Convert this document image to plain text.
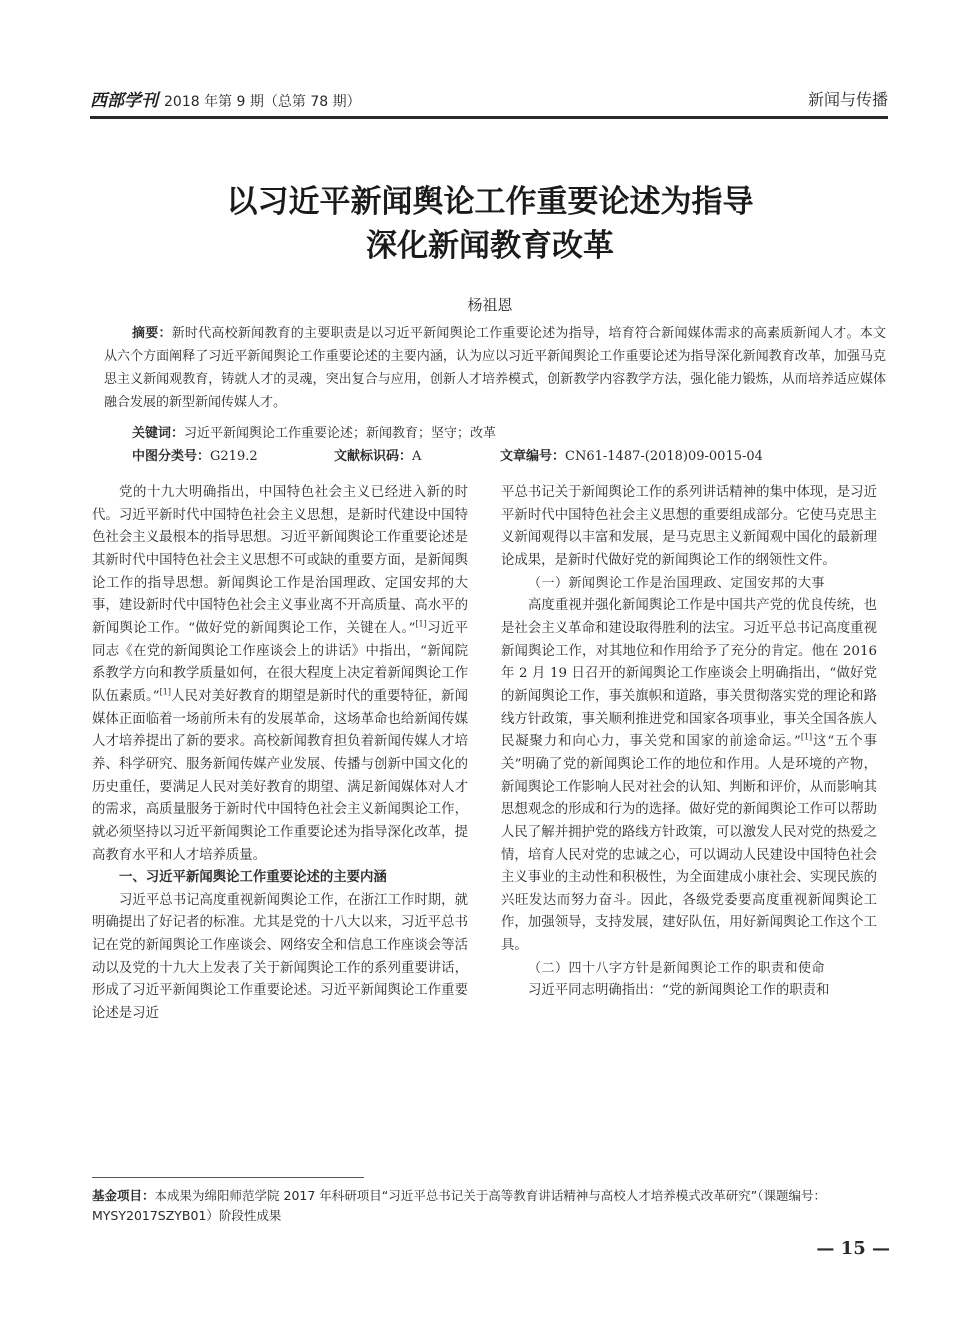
西部学刊 2018 年第 9 期（总第 78 期）	新闻与传播
以习近平新闻舆论工作重要论述为指导
深化新闻教育改革
杨祖恩

摘要：新时代高校新闻教育的主要职责是以习近平新闻舆论工作重要论述为指导，培育符合新闻媒体需求的高素质新闻人才。本文从六个方面阐释了习近平新闻舆论工作重要论述的主要内涵，认为应以习近平新闻舆论工作重要论述为指导深化新闻教育改革，加强马克思主义新闻观教育，铸就人才的灵魂，突出复合与应用，创新人才培养模式，创新教学内容教学方法，强化能力锻炼，从而培养适应媒体融合发展的新型新闻传媒人才。

关键词：习近平新闻舆论工作重要论述；新闻教育；坚守；改革
中图分类号：G219.2	文献标识码：A	文章编号：CN61-1487-(2018)09-0015-04

党的十九大明确指出，中国特色社会主义已经进入新的时代。习近平新时代中国特色社会主义思想，是新时代建设中国特色社会主义最根本的指导思想。习近平新闻舆论工作重要论述是其新时代中国特色社会主义思想不可或缺的重要方面，是新闻舆论工作的指导思想。新闻舆论工作是治国理政、定国安邦的大事，建设新时代中国特色社会主义事业离不开高质量、高水平的新闻舆论工作。“做好党的新闻舆论工作，关键在人。”[1]习近平同志《在党的新闻舆论工作座谈会上的讲话》中指出，“新闻院系教学方向和教学质量如何，在很大程度上决定着新闻舆论工作队伍素质。”[1]人民对美好教育的期望是新时代的重要特征，新闻媒体正面临着一场前所未有的发展革命，这场革命也给新闻传媒人才培养提出了新的要求。高校新闻教育担负着新闻传媒人才培养、科学研究、服务新闻传媒产业发展、传播与创新中国文化的历史重任，要满足人民对美好教育的期望、满足新闻媒体对人才的需求，高质量服务于新时代中国特色社会主义新闻舆论工作，就必须坚持以习近平新闻舆论工作重要论述为指导深化改革，提高教育水平和人才培养质量。

一、习近平新闻舆论工作重要论述的主要内涵

习近平总书记高度重视新闻舆论工作，在浙江工作时期，就明确提出了好记者的标准。尤其是党的十八大以来，习近平总书记在党的新闻舆论工作座谈会、网络安全和信息工作座谈会等活动以及党的十九大上发表了关于新闻舆论工作的系列重要讲话，形成了习近平新闻舆论工作重要论述。习近平新闻舆论工作重要论述是习近

平总书记关于新闻舆论工作的系列讲话精神的集中体现，是习近平新时代中国特色社会主义思想的重要组成部分。它使马克思主义新闻观得以丰富和发展，是马克思主义新闻观中国化的最新理论成果，是新时代做好党的新闻舆论工作的纲领性文件。

（一）新闻舆论工作是治国理政、定国安邦的大事

高度重视并强化新闻舆论工作是中国共产党的优良传统，也是社会主义革命和建设取得胜利的法宝。习近平总书记高度重视新闻舆论工作，对其地位和作用给予了充分的肯定。他在 2016 年 2 月 19 日召开的新闻舆论工作座谈会上明确指出，“做好党的新闻舆论工作，事关旗帜和道路，事关贯彻落实党的理论和路线方针政策，事关顺利推进党和国家各项事业，事关全国各族人民凝聚力和向心力，事关党和国家的前途命运。”[1]这“五个事关”明确了党的新闻舆论工作的地位和作用。人是环境的产物，新闻舆论工作影响人民对社会的认知、判断和评价，从而影响其思想观念的形成和行为的选择。做好党的新闻舆论工作可以帮助人民了解并拥护党的路线方针政策，可以激发人民对党的热爱之情，培育人民对党的忠诚之心，可以调动人民建设中国特色社会主义事业的主动性和积极性，为全面建成小康社会、实现民族的兴旺发达而努力奋斗。因此，各级党委要高度重视新闻舆论工作，加强领导，支持发展，建好队伍，用好新闻舆论工作这个工具。

（二）四十八字方针是新闻舆论工作的职责和使命

习近平同志明确指出：“党的新闻舆论工作的职责和

基金项目：本成果为绵阳师范学院 2017 年科研项目“习近平总书记关于高等教育讲话精神与高校人才培养模式改革研究”（课题编号：MYSY2017SZYB01）阶段性成果
— 15 —
